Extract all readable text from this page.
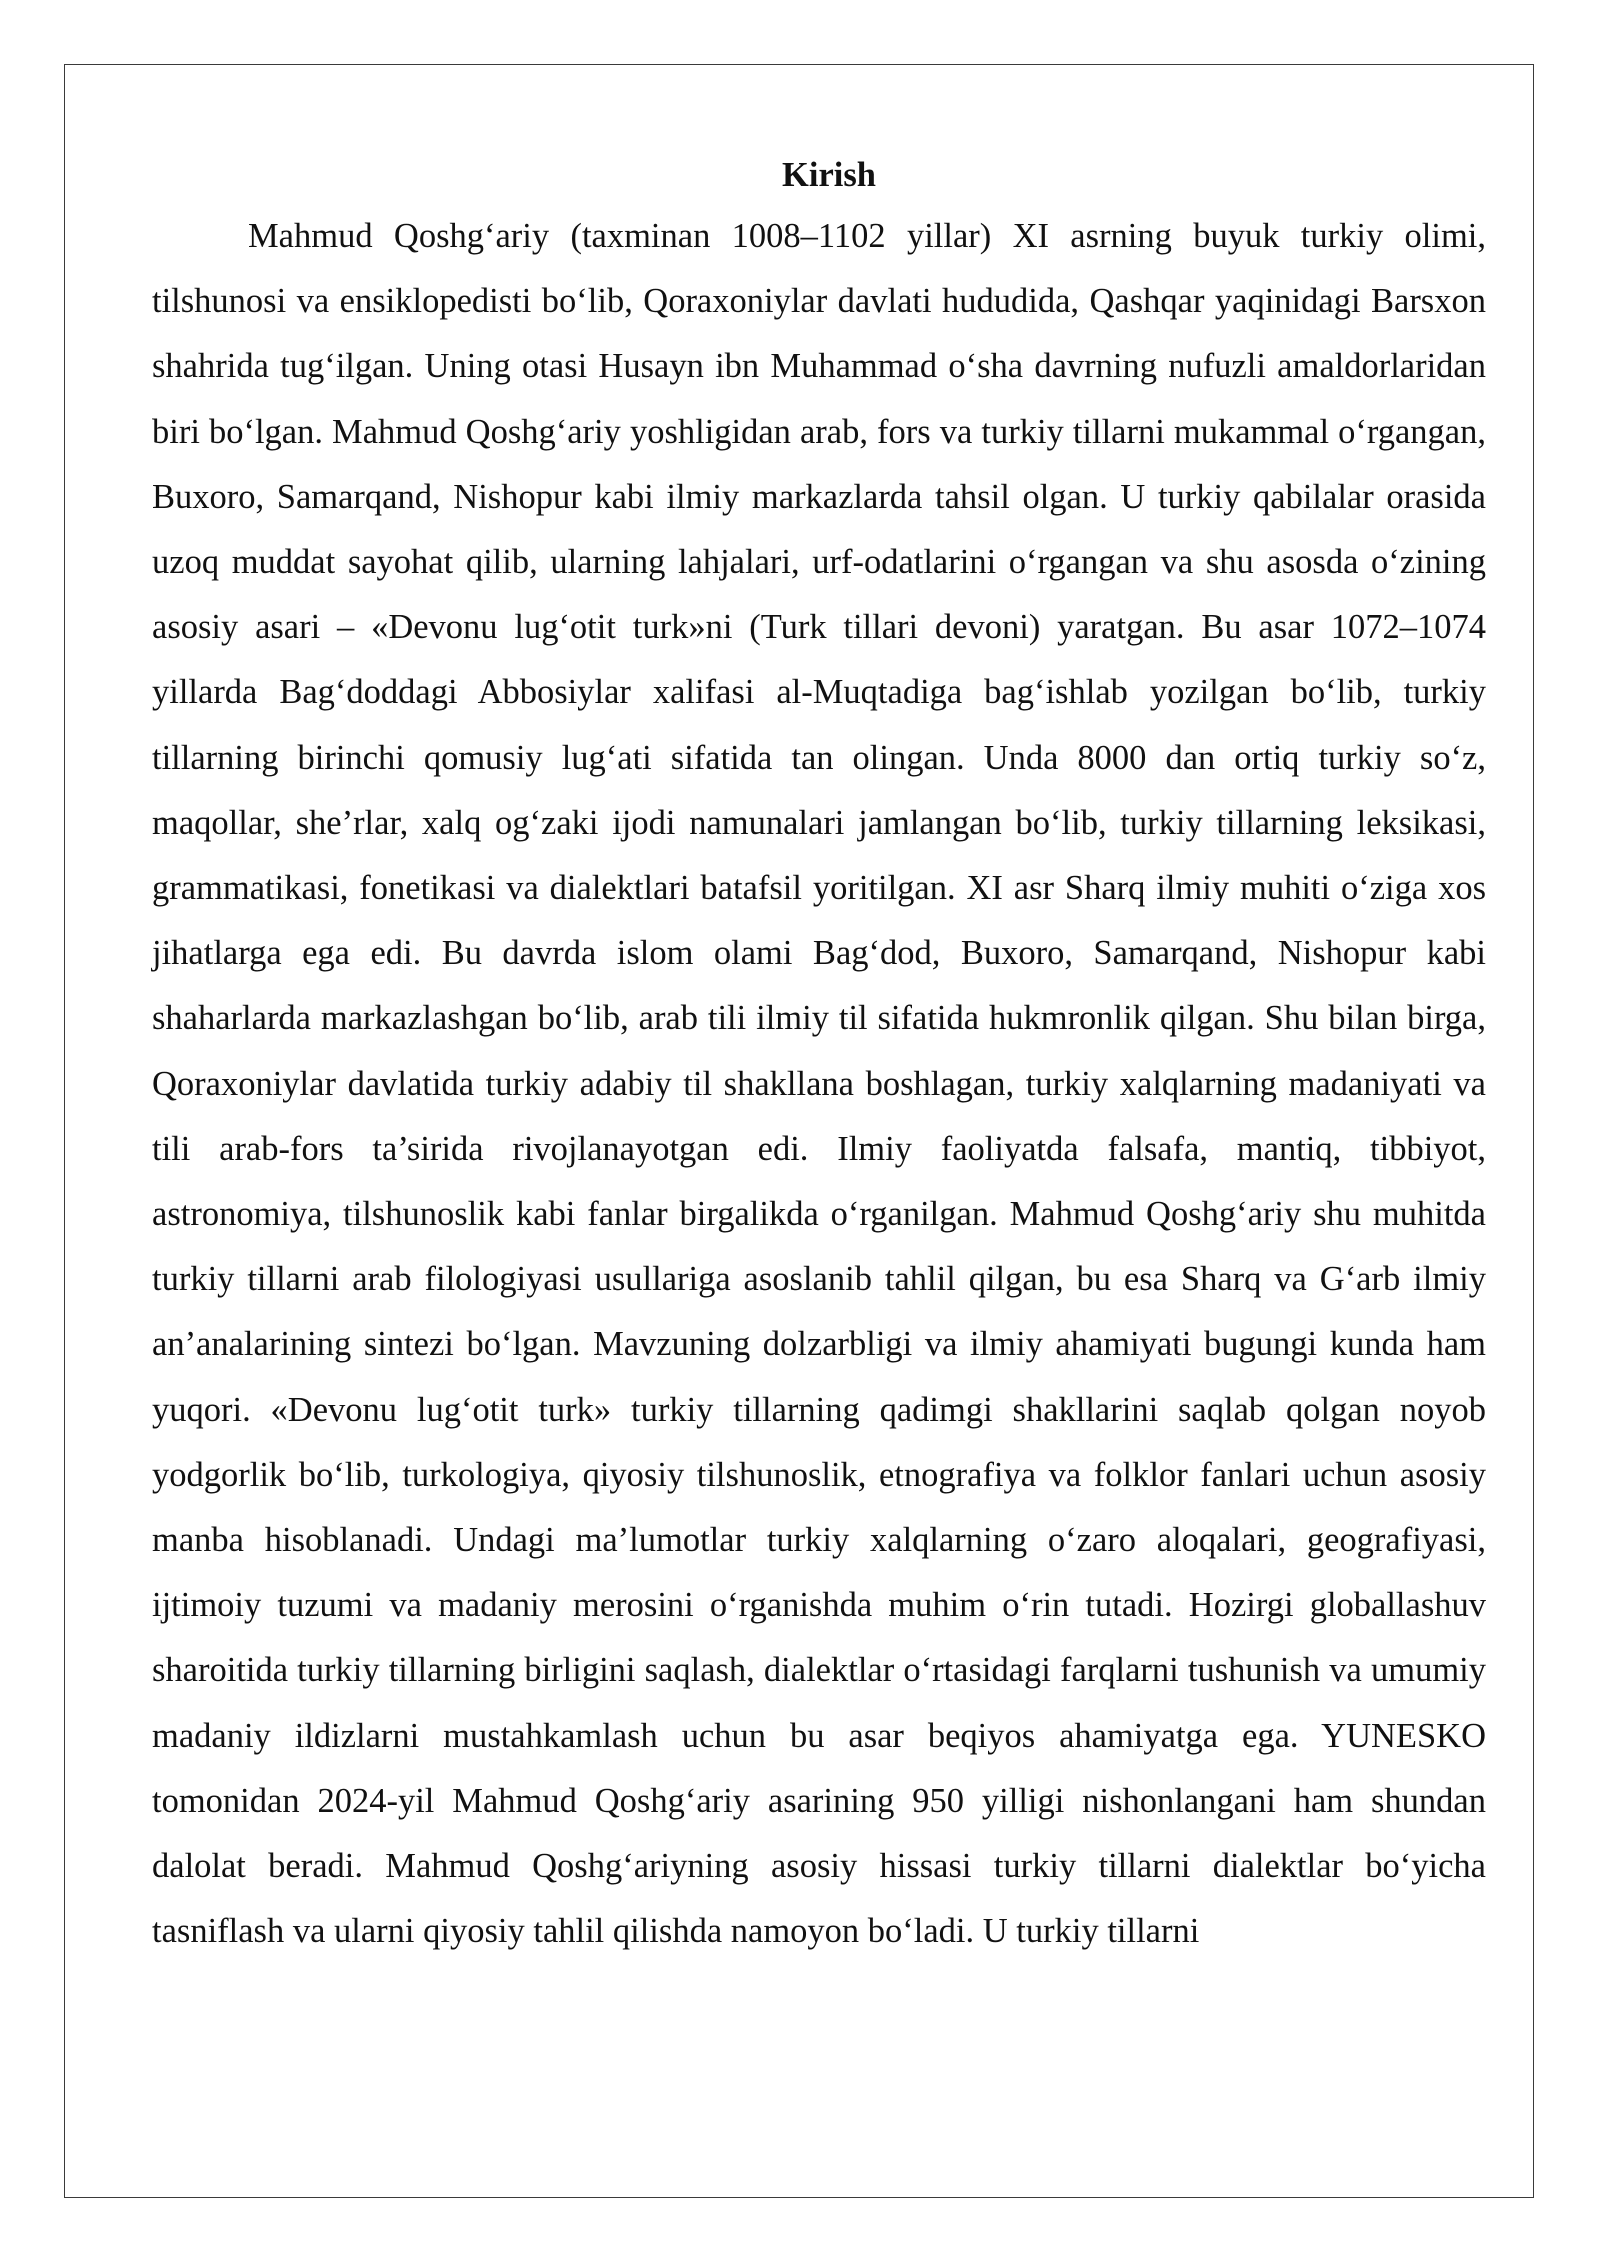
Kirish

Mahmud Qoshg‘ariy (taxminan 1008–1102 yillar) XI asrning buyuk turkiy olimi, tilshunosi va ensiklopedisti bo‘lib, Qoraxoniylar davlati hududida, Qashqar yaqinidagi Barsxon shahrida tug‘ilgan. Uning otasi Husayn ibn Muhammad o‘sha davrning nufuzli amaldorlaridan biri bo‘lgan. Mahmud Qoshg‘ariy yoshligidan arab, fors va turkiy tillarni mukammal o‘rgangan, Buxoro, Samarqand, Nishopur kabi ilmiy markazlarda tahsil olgan. U turkiy qabilalar orasida uzoq muddat sayohat qilib, ularning lahjalari, urf-odatlarini o‘rgangan va shu asosda o‘zining asosiy asari – «Devonu lug‘otit turk»ni (Turk tillari devoni) yaratgan. Bu asar 1072–1074 yillarda Bag‘doddagi Abbosiylar xalifasi al-Muqtadiga bag‘ishlab yozilgan bo‘lib, turkiy tillarning birinchi qomusiy lug‘ati sifatida tan olingan. Unda 8000 dan ortiq turkiy so‘z, maqollar, she’rlar, xalq og‘zaki ijodi namunalari jamlangan bo‘lib, turkiy tillarning leksikasi, grammatikasi, fonetikasi va dialektlari batafsil yoritilgan. XI asr Sharq ilmiy muhiti o‘ziga xos jihatlarga ega edi. Bu davrda islom olami Bag‘dod, Buxoro, Samarqand, Nishopur kabi shaharlarda markazlashgan bo‘lib, arab tili ilmiy til sifatida hukmronlik qilgan. Shu bilan birga, Qoraxoniylar davlatida turkiy adabiy til shakllana boshlagan, turkiy xalqlarning madaniyati va tili arab-fors ta’sirida rivojlanayotgan edi. Ilmiy faoliyatda falsafa, mantiq, tibbiyot, astronomiya, tilshunoslik kabi fanlar birgalikda o‘rganilgan. Mahmud Qoshg‘ariy shu muhitda turkiy tillarni arab filologiyasi usullariga asoslanib tahlil qilgan, bu esa Sharq va G‘arb ilmiy an’analarining sintezi bo‘lgan. Mavzuning dolzarbligi va ilmiy ahamiyati bugungi kunda ham yuqori. «Devonu lug‘otit turk» turkiy tillarning qadimgi shakllarini saqlab qolgan noyob yodgorlik bo‘lib, turkologiya, qiyosiy tilshunoslik, etnografiya va folklor fanlari uchun asosiy manba hisoblanadi. Undagi ma’lumotlar turkiy xalqlarning o‘zaro aloqalari, geografiyasi, ijtimoiy tuzumi va madaniy merosini o‘rganishda muhim o‘rin tutadi. Hozirgi globallashuv sharoitida turkiy tillarning birligini saqlash, dialektlar o‘rtasidagi farqlarni tushunish va umumiy madaniy ildizlarni mustahkamlash uchun bu asar beqiyos ahamiyatga ega. YUNESKO tomonidan 2024-yil Mahmud Qoshg‘ariy asarining 950 yilligi nishonlangani ham shundan dalolat beradi. Mahmud Qoshg‘ariyning asosiy hissasi turkiy tillarni dialektlar bo‘yicha tasniflash va ularni qiyosiy tahlil qilishda namoyon bo‘ladi. U turkiy tillarni
